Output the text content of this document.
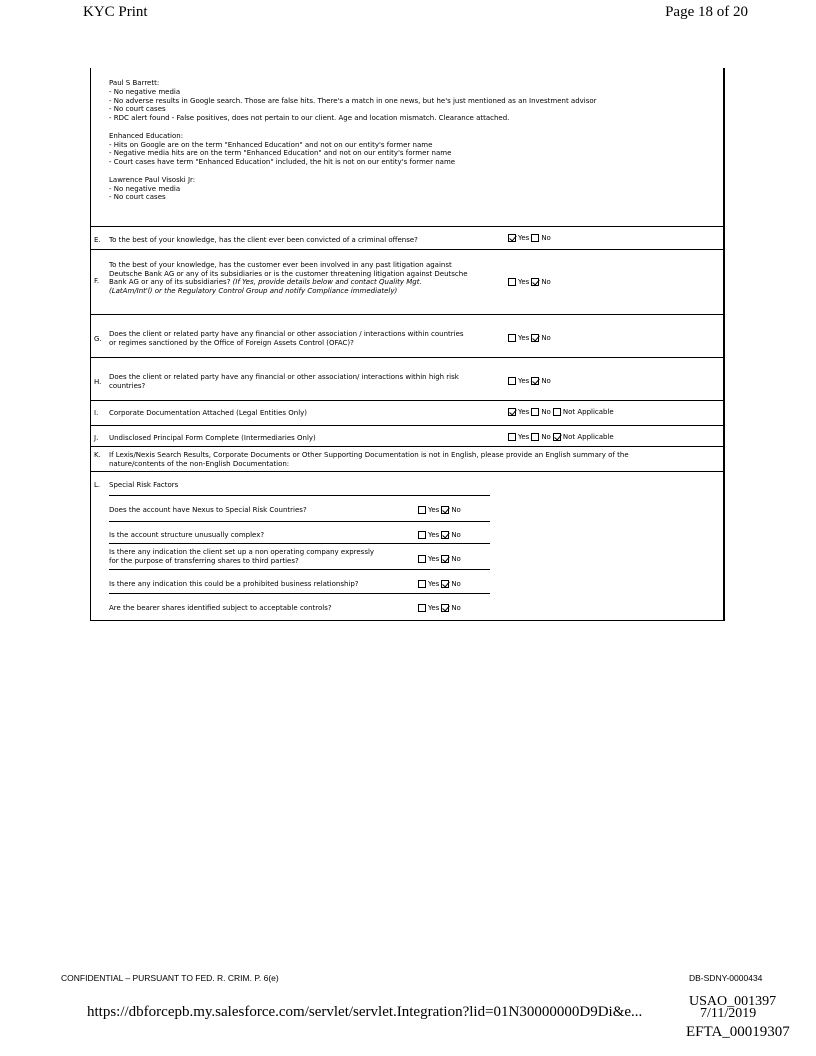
KYC Print	Page 18 of 20
Paul S Barrett:
- No negative media
- No adverse results in Google search. Those are false hits. There's a match in one news, but he's just mentioned as an Investment advisor
- No court cases
- RDC alert found - False positives, does not pertain to our client. Age and location mismatch. Clearance attached.

Enhanced Education:
- Hits on Google are on the term "Enhanced Education" and not on our entity's former name
- Negative media hits are on the term "Enhanced Education" and not on our entity's former name
- Court cases have term "Enhanced Education" included, the hit is not on our entity's former name

Lawrence Paul Visoski Jr:
- No negative media
- No court cases
E. To the best of your knowledge, has the client ever been convicted of a criminal offense?	Yes No
F.
To the best of your knowledge, has the customer ever been involved in any past litigation against
Deutsche Bank AG or any of its subsidiaries or is the customer threatening litigation against Deutsche
Bank AG or any of its subsidiaries? (If Yes, provide details below and contact Quality Mgt.
(LatAm/Int'l) or the Regulatory Control Group and notify Compliance immediately)
Yes No
G.
Does the client or related party have any financial or other association / interactions within countries
or regimes sanctioned by the Office of Foreign Assets Control (OFAC)?
Yes No
H.
Does the client or related party have any financial or other association/ interactions within high risk
countries?
Yes No
I. Corporate Documentation Attached (Legal Entities Only)	Yes No Not Applicable
J. Undisclosed Principal Form Complete (Intermediaries Only)	Yes No Not Applicable
K. If Lexis/Nexis Search Results, Corporate Documents or Other Supporting Documentation is not in English, please provide an English summary of the
nature/contents of the non-English Documentation:
L. Special Risk Factors
Does the account have Nexus to Special Risk Countries?	Yes No
Is the account structure unusually complex?	Yes No
Is there any indication the client set up a non operating company expressly
for the purpose of transferring shares to third parties?	Yes No
Is there any indication this could be a prohibited business relationship?	Yes No
Are the bearer shares identified subject to acceptable controls?	Yes No
CONFIDENTIAL – PURSUANT TO FED. R. CRIM. P. 6(e)	DB-SDNY-0000434
USAO_001397
https://dbforcepb.my.salesforce.com/servlet/servlet.Integration?lid=01N30000000D9Di&e...	7/11/2019
EFTA_00019307
